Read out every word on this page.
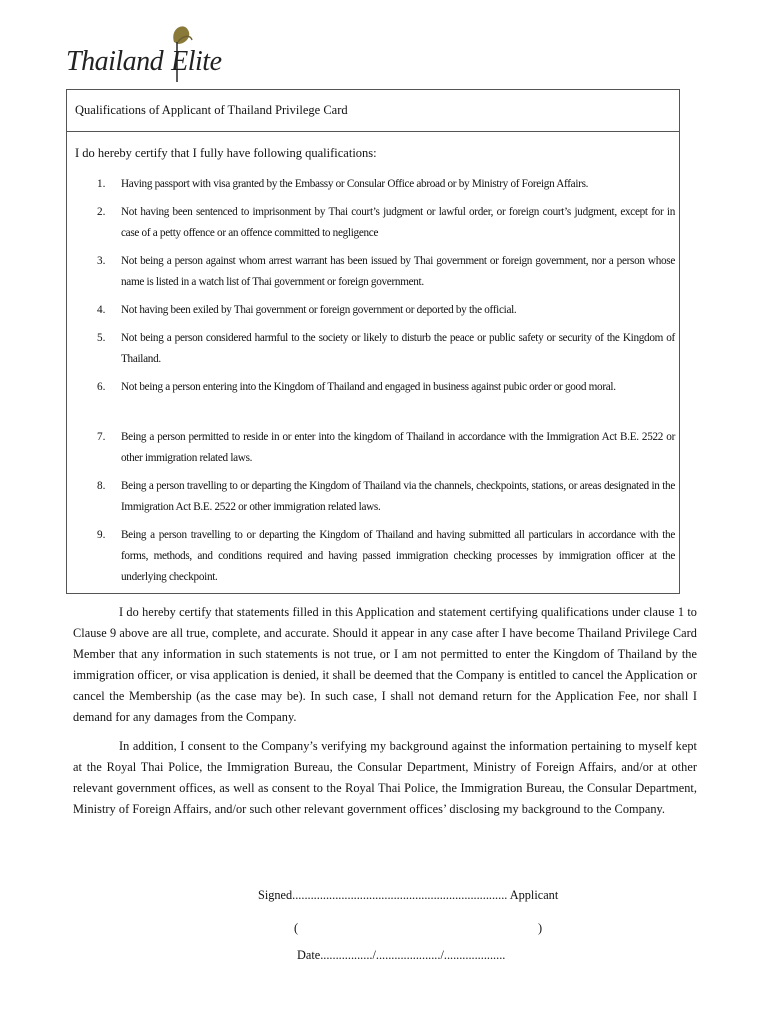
Thailand Elite
Qualifications of Applicant of Thailand Privilege Card
I do hereby certify that I fully have following qualifications:
1.	Having passport with visa granted by the Embassy or Consular Office abroad or by Ministry of Foreign Affairs.
2.	Not having been sentenced to imprisonment by Thai court’s judgment or lawful order, or foreign court’s judgment, except for in case of a petty offence or an offence committed to negligence
3.	Not being a person against whom arrest warrant has been issued by Thai government or foreign government, nor a person whose name is listed in a watch list of Thai government or foreign government.
4.	Not having been exiled by Thai government or foreign government or deported by the official.
5.	Not being a person considered harmful to the society or likely to disturb the peace or public safety or security of the Kingdom of Thailand.
6.	Not being a person entering into the Kingdom of Thailand and engaged in business against pubic order or good moral.
7.	Being a person permitted to reside in or enter into the kingdom of Thailand in accordance with the Immigration Act B.E. 2522 or other immigration related laws.
8.	Being a person travelling to or departing the Kingdom of Thailand via the channels, checkpoints, stations, or areas designated in the Immigration Act B.E. 2522 or other immigration related laws.
9.	Being a person travelling to or departing the Kingdom of Thailand and having submitted all particulars in accordance with the forms, methods, and conditions required and having passed immigration checking processes by immigration officer at the underlying checkpoint.

I do hereby certify that statements filled in this Application and statement certifying qualifications under clause 1 to Clause 9 above are all true, complete, and accurate. Should it appear in any case after I have become Thailand Privilege Card Member that any information in such statements is not true, or I am not permitted to enter the Kingdom of Thailand by the immigration officer, or visa application is denied, it shall be deemed that the Company is entitled to cancel the Application or cancel the Membership (as the case may be). In such case, I shall not demand return for the Application Fee, nor shall I demand for any damages from the Company.

In addition, I consent to the Company’s verifying my background against the information pertaining to myself kept at the Royal Thai Police, the Immigration Bureau, the Consular Department, Ministry of Foreign Affairs, and/or at other relevant government offices, as well as consent to the Royal Thai Police, the Immigration Bureau, the Consular Department, Ministry of Foreign Affairs, and/or such other relevant government offices’ disclosing my background to the Company.

Signed...................................................................... Applicant
(	)
Date................./...................../....................
